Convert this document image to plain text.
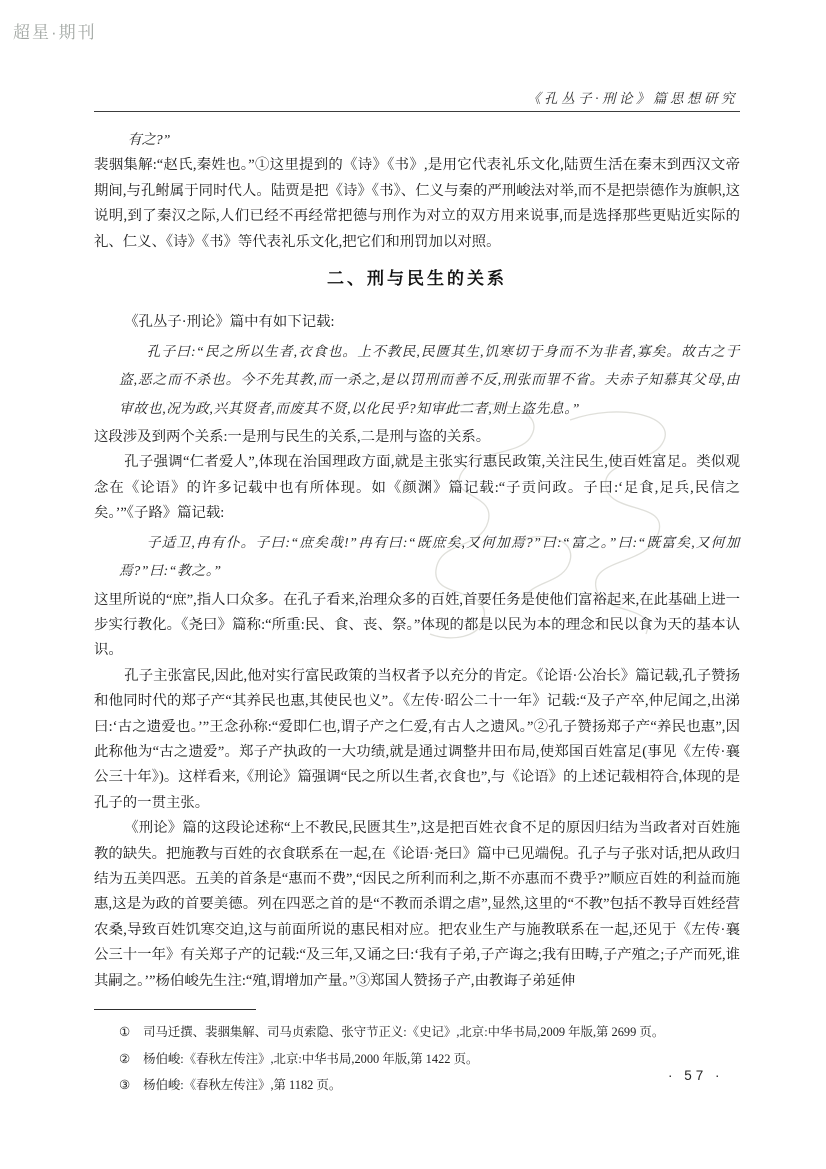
超星·期刊
《孔丛子·刑论》篇思想研究

有之?”

裴骃集解:“赵氏,秦姓也。”①这里提到的《诗》《书》,是用它代表礼乐文化,陆贾生活在秦末到西汉文帝期间,与孔鲋属于同时代人。陆贾是把《诗》《书》、仁义与秦的严刑峻法对举,而不是把崇德作为旗帜,这说明,到了秦汉之际,人们已经不再经常把德与刑作为对立的双方用来说事,而是选择那些更贴近实际的礼、仁义、《诗》《书》等代表礼乐文化,把它们和刑罚加以对照。

二、刑与民生的关系

《孔丛子·刑论》篇中有如下记载:

孔子曰:“民之所以生者,衣食也。上不教民,民匮其生,饥寒切于身而不为非者,寡矣。故古之于盗,恶之而不杀也。今不先其教,而一杀之,是以罚刑而善不反,刑张而罪不省。夫赤子知慕其父母,由审故也,况为政,兴其贤者,而废其不贤,以化民乎?知审此二者,则上盗先息。”

这段涉及到两个关系:一是刑与民生的关系,二是刑与盗的关系。

孔子强调“仁者爱人”,体现在治国理政方面,就是主张实行惠民政策,关注民生,使百姓富足。类似观念在《论语》的许多记载中也有所体现。如《颜渊》篇记载:“子贡问政。子曰:‘足食,足兵,民信之矣。’”《子路》篇记载:

子适卫,冉有仆。子曰:“庶矣哉!”冉有曰:“既庶矣,又何加焉?”曰:“富之。”曰:“既富矣,又何加焉?”曰:“教之。”

这里所说的“庶”,指人口众多。在孔子看来,治理众多的百姓,首要任务是使他们富裕起来,在此基础上进一步实行教化。《尧曰》篇称:“所重:民、食、丧、祭。”体现的都是以民为本的理念和民以食为天的基本认识。

孔子主张富民,因此,他对实行富民政策的当权者予以充分的肯定。《论语·公冶长》篇记载,孔子赞扬和他同时代的郑子产“其养民也惠,其使民也义”。《左传·昭公二十一年》记载:“及子产卒,仲尼闻之,出涕曰:‘古之遗爱也。’”王念孙称:“爱即仁也,谓子产之仁爱,有古人之遗风。”②孔子赞扬郑子产“养民也惠”,因此称他为“古之遗爱”。郑子产执政的一大功绩,就是通过调整井田布局,使郑国百姓富足(事见《左传·襄公三十年》)。这样看来,《刑论》篇强调“民之所以生者,衣食也”,与《论语》的上述记载相符合,体现的是孔子的一贯主张。

《刑论》篇的这段论述称“上不教民,民匮其生”,这是把百姓衣食不足的原因归结为当政者对百姓施教的缺失。把施教与百姓的衣食联系在一起,在《论语·尧曰》篇中已见端倪。孔子与子张对话,把从政归结为五美四恶。五美的首条是“惠而不费”,“因民之所利而利之,斯不亦惠而不费乎?”顺应百姓的利益而施惠,这是为政的首要美德。列在四恶之首的是“不教而杀谓之虐”,显然,这里的“不教”包括不教导百姓经营农桑,导致百姓饥寒交迫,这与前面所说的惠民相对应。把农业生产与施教联系在一起,还见于《左传·襄公三十一年》有关郑子产的记载:“及三年,又诵之曰:‘我有子弟,子产诲之;我有田畴,子产殖之;子产而死,谁其嗣之。’”杨伯峻先生注:“殖,谓增加产量。”③郑国人赞扬子产,由教诲子弟延伸

① 司马迁撰、裴骃集解、司马贞索隐、张守节正义:《史记》,北京:中华书局,2009 年版,第 2699 页。
② 杨伯峻:《春秋左传注》,北京:中华书局,2000 年版,第 1422 页。
③ 杨伯峻:《春秋左传注》,第 1182 页。
· 57 ·
